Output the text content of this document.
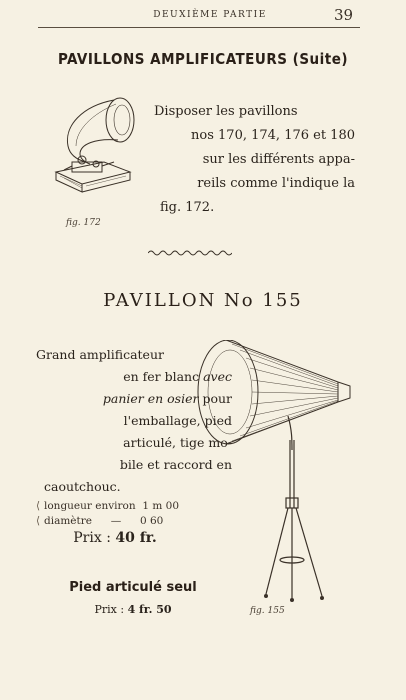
DEUXIÈME PARTIE	39
PAVILLONS AMPLIFICATEURS (Suite)
fig. 172
Disposer les pavillons
nos 170, 174, 176 et 180
sur les différents appa-
reils comme l'indique la
fig. 172.
PAVILLON No 155
Grand amplificateur
en fer blanc avec
panier en osier pour
l'emballage, pied
articulé, tige mo-
bile et raccord en
caoutchouc.
⟨ longueur environ 1 m 00
⟨ diamètre — 0 60
Prix : 40 fr.
Pied articulé seul
Prix : 4 fr. 50	fig. 155
